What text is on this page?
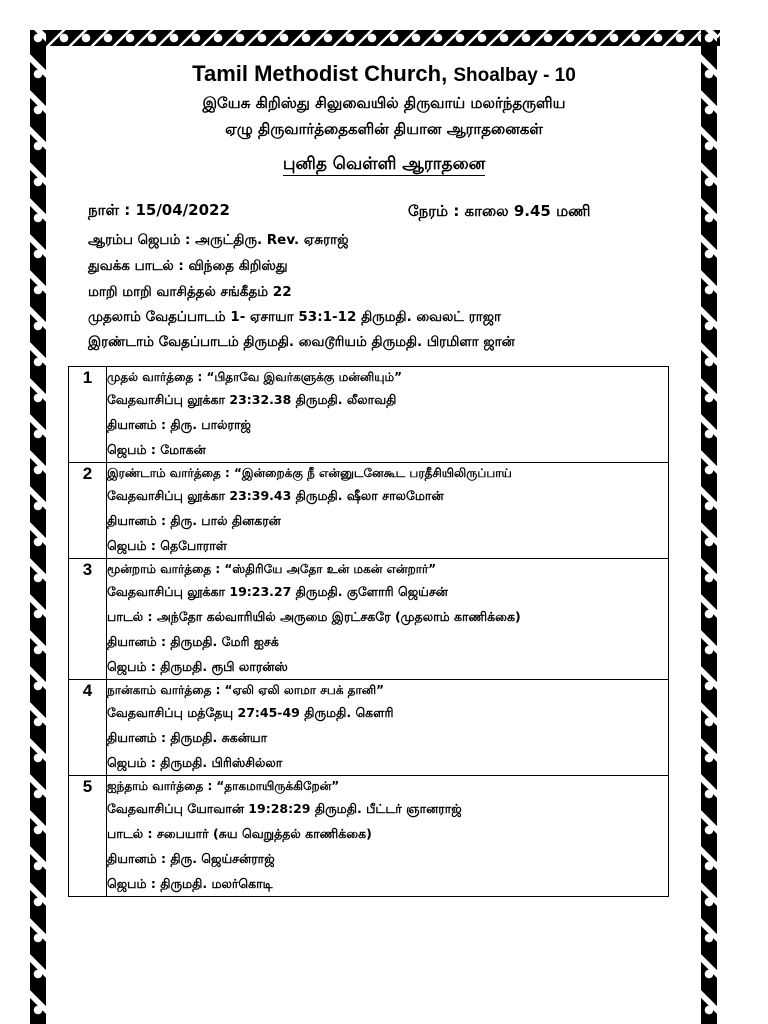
Tamil Methodist Church, Shoalbay - 10
இயேசு கிறிஸ்து சிலுவையில் திருவாய் மலர்ந்தருளிய
ஏழு திருவார்த்தைகளின் தியான ஆராதனைகள்
புனித வெள்ளி ஆராதனை
நாள் : 15/04/2022	நேரம் : காலை 9.45 மணி
ஆரம்ப ஜெபம் : அருட்திரு. Rev. ஏசுராஜ்
துவக்க பாடல் : விந்தை கிறிஸ்து
மாறி மாறி வாசித்தல் சங்கீதம் 22
முதலாம் வேதப்பாடம் 1- ஏசாயா 53:1-12 திருமதி. வைலட் ராஜா
இரண்டாம் வேதப்பாடம் திருமதி. வைடூரியம் திருமதி. பிரமிளா ஜான்
1	முதல் வார்த்தை : “பிதாவே இவர்களுக்கு மன்னியும்”
வேதவாசிப்பு லூக்கா 23:32.38 திருமதி. லீலாவதி
தியானம் : திரு. பால்ராஜ்
ஜெபம் : மோகன்

2	இரண்டாம் வார்த்தை : “இன்றைக்கு நீ என்னுடனேகூட பரதீசியிலிருப்பாய்
வேதவாசிப்பு லூக்கா 23:39.43 திருமதி. ஷீலா சாலமோன்
தியானம் : திரு. பால் தினகரன்
ஜெபம் : தெபோராள்

3	மூன்றாம் வார்த்தை : “ஸ்திரியே அதோ உன் மகன் என்றார்”
வேதவாசிப்பு லூக்கா 19:23.27 திருமதி. குளோரி ஜெய்சன்
பாடல் : அந்தோ கல்வாரியில் அருமை இரட்சகரே (முதலாம் காணிக்கை)
தியானம் : திருமதி. மேரி ஐசக்
ஜெபம் : திருமதி. ரூபி லாரன்ஸ்

4	நான்காம் வார்த்தை : “ஏலி ஏலி லாமா சபக் தானி”
வேதவாசிப்பு மத்தேயு 27:45-49 திருமதி. கௌரி
தியானம் : திருமதி. சுகன்யா
ஜெபம் : திருமதி. பிரிஸ்சில்லா

5	ஐந்தாம் வார்த்தை : “தாகமாயிருக்கிறேன்”
வேதவாசிப்பு யோவான் 19:28:29 திருமதி. பீட்டர் ஞானராஜ்
பாடல் : சபையார் (சுய வெறுத்தல் காணிக்கை)
தியானம் : திரு. ஜெய்சன்ராஜ்
ஜெபம் : திருமதி. மலர்கொடி
